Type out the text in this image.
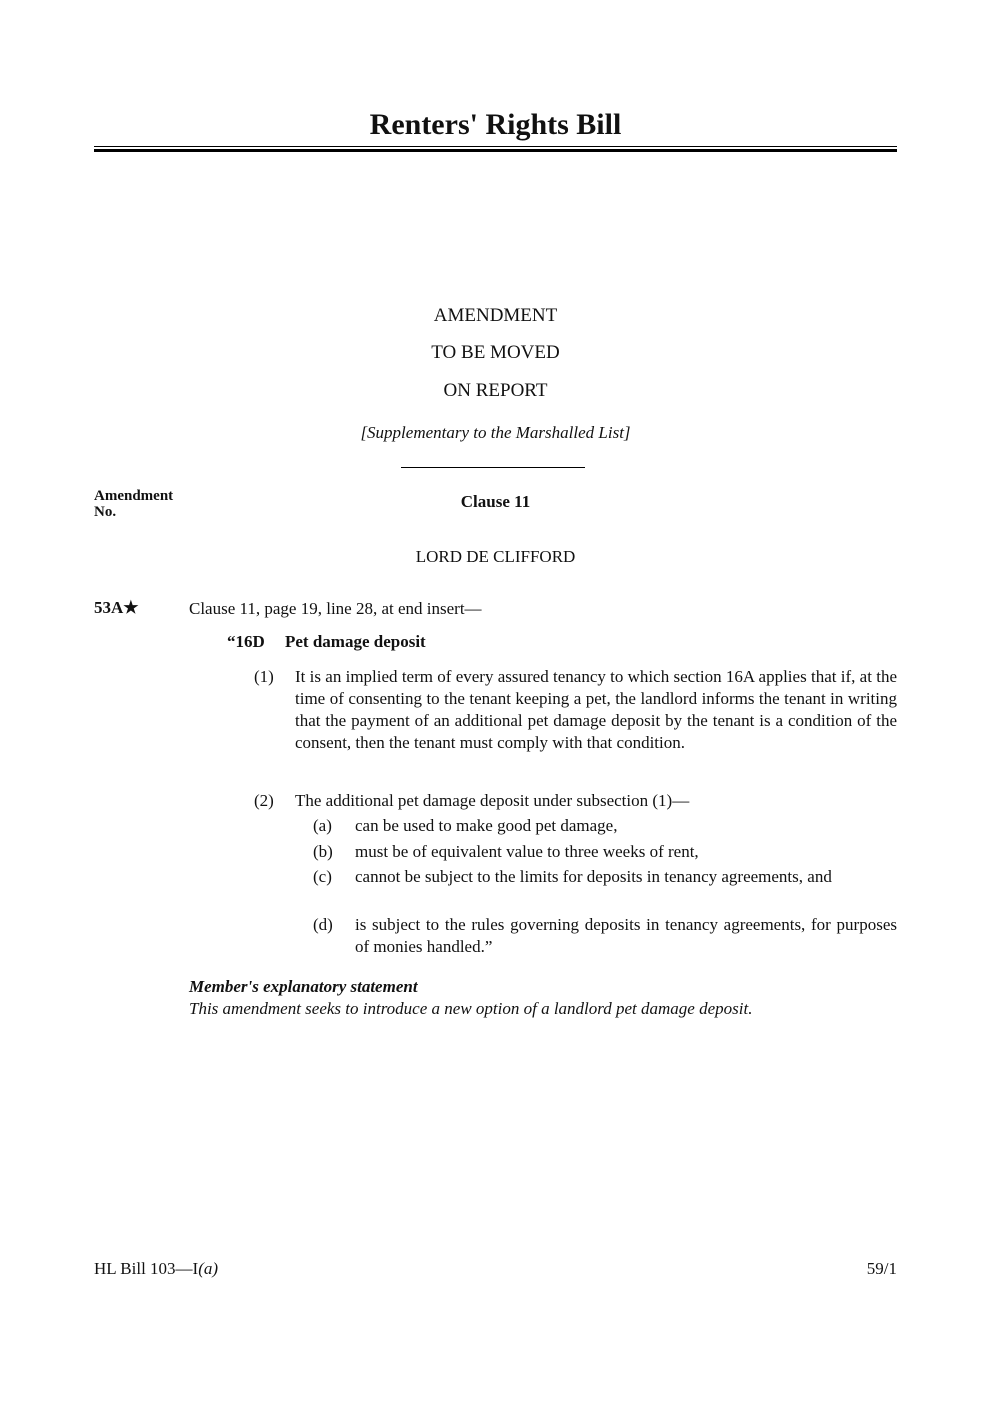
Renters' Rights Bill
AMENDMENT
TO BE MOVED
ON REPORT
[Supplementary to the Marshalled List]
Amendment
No.
Clause 11
LORD DE CLIFFORD
53A★	Clause 11, page 19, line 28, at end insert—
“16D Pet damage deposit
(1)	It is an implied term of every assured tenancy to which section 16A applies that if, at the time of consenting to the tenant keeping a pet, the landlord informs the tenant in writing that the payment of an additional pet damage deposit by the tenant is a condition of the consent, then the tenant must comply with that condition.
(2)	The additional pet damage deposit under subsection (1)—
(a)	can be used to make good pet damage,
(b)	must be of equivalent value to three weeks of rent,
(c)	cannot be subject to the limits for deposits in tenancy agreements, and
(d)	is subject to the rules governing deposits in tenancy agreements, for purposes of monies handled.”
Member's explanatory statement
This amendment seeks to introduce a new option of a landlord pet damage deposit.
HL Bill 103—I(a)	59/1
